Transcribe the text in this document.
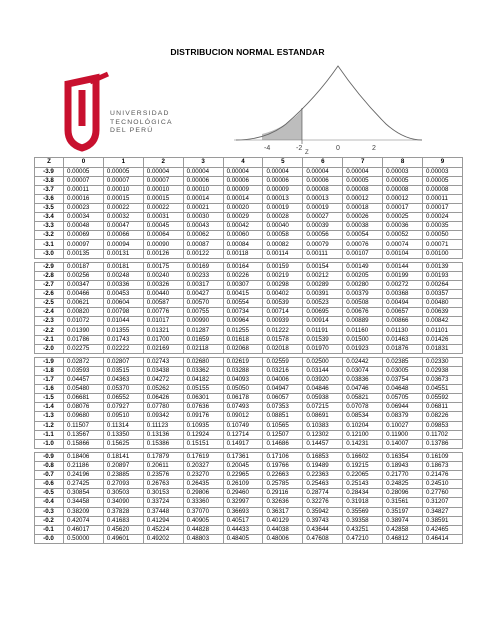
DISTRIBUCION NORMAL ESTANDAR
UNIVERSIDAD
TECNOLÓGICA
DEL PERÚ
-4	-2	0	2
Z
Z	0	1	2	3	4	5	6	7	8	9
-3.9	0.00005	0.00005	0.00004	0.00004	0.00004	0.00004	0.00004	0.00004	0.00003	0.00003
-3.8	0.00007	0.00007	0.00007	0.00006	0.00006	0.00006	0.00006	0.00005	0.00005	0.00005
-3.7	0.00011	0.00010	0.00010	0.00010	0.00009	0.00009	0.00008	0.00008	0.00008	0.00008
-3.6	0.00016	0.00015	0.00015	0.00014	0.00014	0.00013	0.00013	0.00012	0.00012	0.00011
-3.5	0.00023	0.00022	0.00022	0.00021	0.00020	0.00019	0.00019	0.00018	0.00017	0.00017
-3.4	0.00034	0.00032	0.00031	0.00030	0.00029	0.00028	0.00027	0.00026	0.00025	0.00024
-3.3	0.00048	0.00047	0.00045	0.00043	0.00042	0.00040	0.00039	0.00038	0.00036	0.00035
-3.2	0.00069	0.00066	0.00064	0.00062	0.00060	0.00058	0.00056	0.00054	0.00052	0.00050
-3.1	0.00097	0.00094	0.00090	0.00087	0.00084	0.00082	0.00079	0.00076	0.00074	0.00071
-3.0	0.00135	0.00131	0.00126	0.00122	0.00118	0.00114	0.00111	0.00107	0.00104	0.00100

-2.9	0.00187	0.00181	0.00175	0.00169	0.00164	0.00159	0.00154	0.00149	0.00144	0.00139
-2.8	0.00256	0.00248	0.00240	0.00233	0.00226	0.00219	0.00212	0.00205	0.00199	0.00193
-2.7	0.00347	0.00336	0.00326	0.00317	0.00307	0.00298	0.00289	0.00280	0.00272	0.00264
-2.6	0.00466	0.00453	0.00440	0.00427	0.00415	0.00402	0.00391	0.00379	0.00368	0.00357
-2.5	0.00621	0.00604	0.00587	0.00570	0.00554	0.00539	0.00523	0.00508	0.00494	0.00480
-2.4	0.00820	0.00798	0.00776	0.00755	0.00734	0.00714	0.00695	0.00676	0.00657	0.00639
-2.3	0.01072	0.01044	0.01017	0.00990	0.00964	0.00939	0.00914	0.00889	0.00866	0.00842
-2.2	0.01390	0.01355	0.01321	0.01287	0.01255	0.01222	0.01191	0.01160	0.01130	0.01101
-2.1	0.01786	0.01743	0.01700	0.01659	0.01618	0.01578	0.01539	0.01500	0.01463	0.01426
-2.0	0.02275	0.02222	0.02169	0.02118	0.02068	0.02018	0.01970	0.01923	0.01876	0.01831

-1.9	0.02872	0.02807	0.02743	0.02680	0.02619	0.02559	0.02500	0.02442	0.02385	0.02330
-1.8	0.03593	0.03515	0.03438	0.03362	0.03288	0.03216	0.03144	0.03074	0.03005	0.02938
-1.7	0.04457	0.04363	0.04272	0.04182	0.04093	0.04006	0.03920	0.03836	0.03754	0.03673
-1.6	0.05480	0.05370	0.05262	0.05155	0.05050	0.04947	0.04846	0.04746	0.04648	0.04551
-1.5	0.06681	0.06552	0.06426	0.06301	0.06178	0.06057	0.05938	0.05821	0.05705	0.05592
-1.4	0.08076	0.07927	0.07780	0.07636	0.07493	0.07353	0.07215	0.07078	0.06944	0.06811
-1.3	0.09680	0.09510	0.09342	0.09176	0.09012	0.08851	0.08691	0.08534	0.08379	0.08226
-1.2	0.11507	0.11314	0.11123	0.10935	0.10749	0.10565	0.10383	0.10204	0.10027	0.09853
-1.1	0.13567	0.13350	0.13136	0.12924	0.12714	0.12507	0.12302	0.12100	0.11900	0.11702
-1.0	0.15866	0.15625	0.15386	0.15151	0.14917	0.14686	0.14457	0.14231	0.14007	0.13786

-0.9	0.18406	0.18141	0.17879	0.17619	0.17361	0.17106	0.16853	0.16602	0.16354	0.16109
-0.8	0.21186	0.20897	0.20611	0.20327	0.20045	0.19766	0.19489	0.19215	0.18943	0.18673
-0.7	0.24196	0.23885	0.23576	0.23270	0.22965	0.22663	0.22363	0.22065	0.21770	0.21476
-0.6	0.27425	0.27093	0.26763	0.26435	0.26109	0.25785	0.25463	0.25143	0.24825	0.24510
-0.5	0.30854	0.30503	0.30153	0.29806	0.29460	0.29116	0.28774	0.28434	0.28096	0.27760
-0.4	0.34458	0.34090	0.33724	0.33360	0.32997	0.32636	0.32276	0.31918	0.31561	0.31207
-0.3	0.38209	0.37828	0.37448	0.37070	0.36693	0.36317	0.35942	0.35569	0.35197	0.34827
-0.2	0.42074	0.41683	0.41294	0.40905	0.40517	0.40129	0.39743	0.39358	0.38974	0.38591
-0.1	0.46017	0.45620	0.45224	0.44828	0.44433	0.44038	0.43644	0.43251	0.42858	0.42465
-0.0	0.50000	0.49601	0.49202	0.48803	0.48405	0.48006	0.47608	0.47210	0.46812	0.46414
